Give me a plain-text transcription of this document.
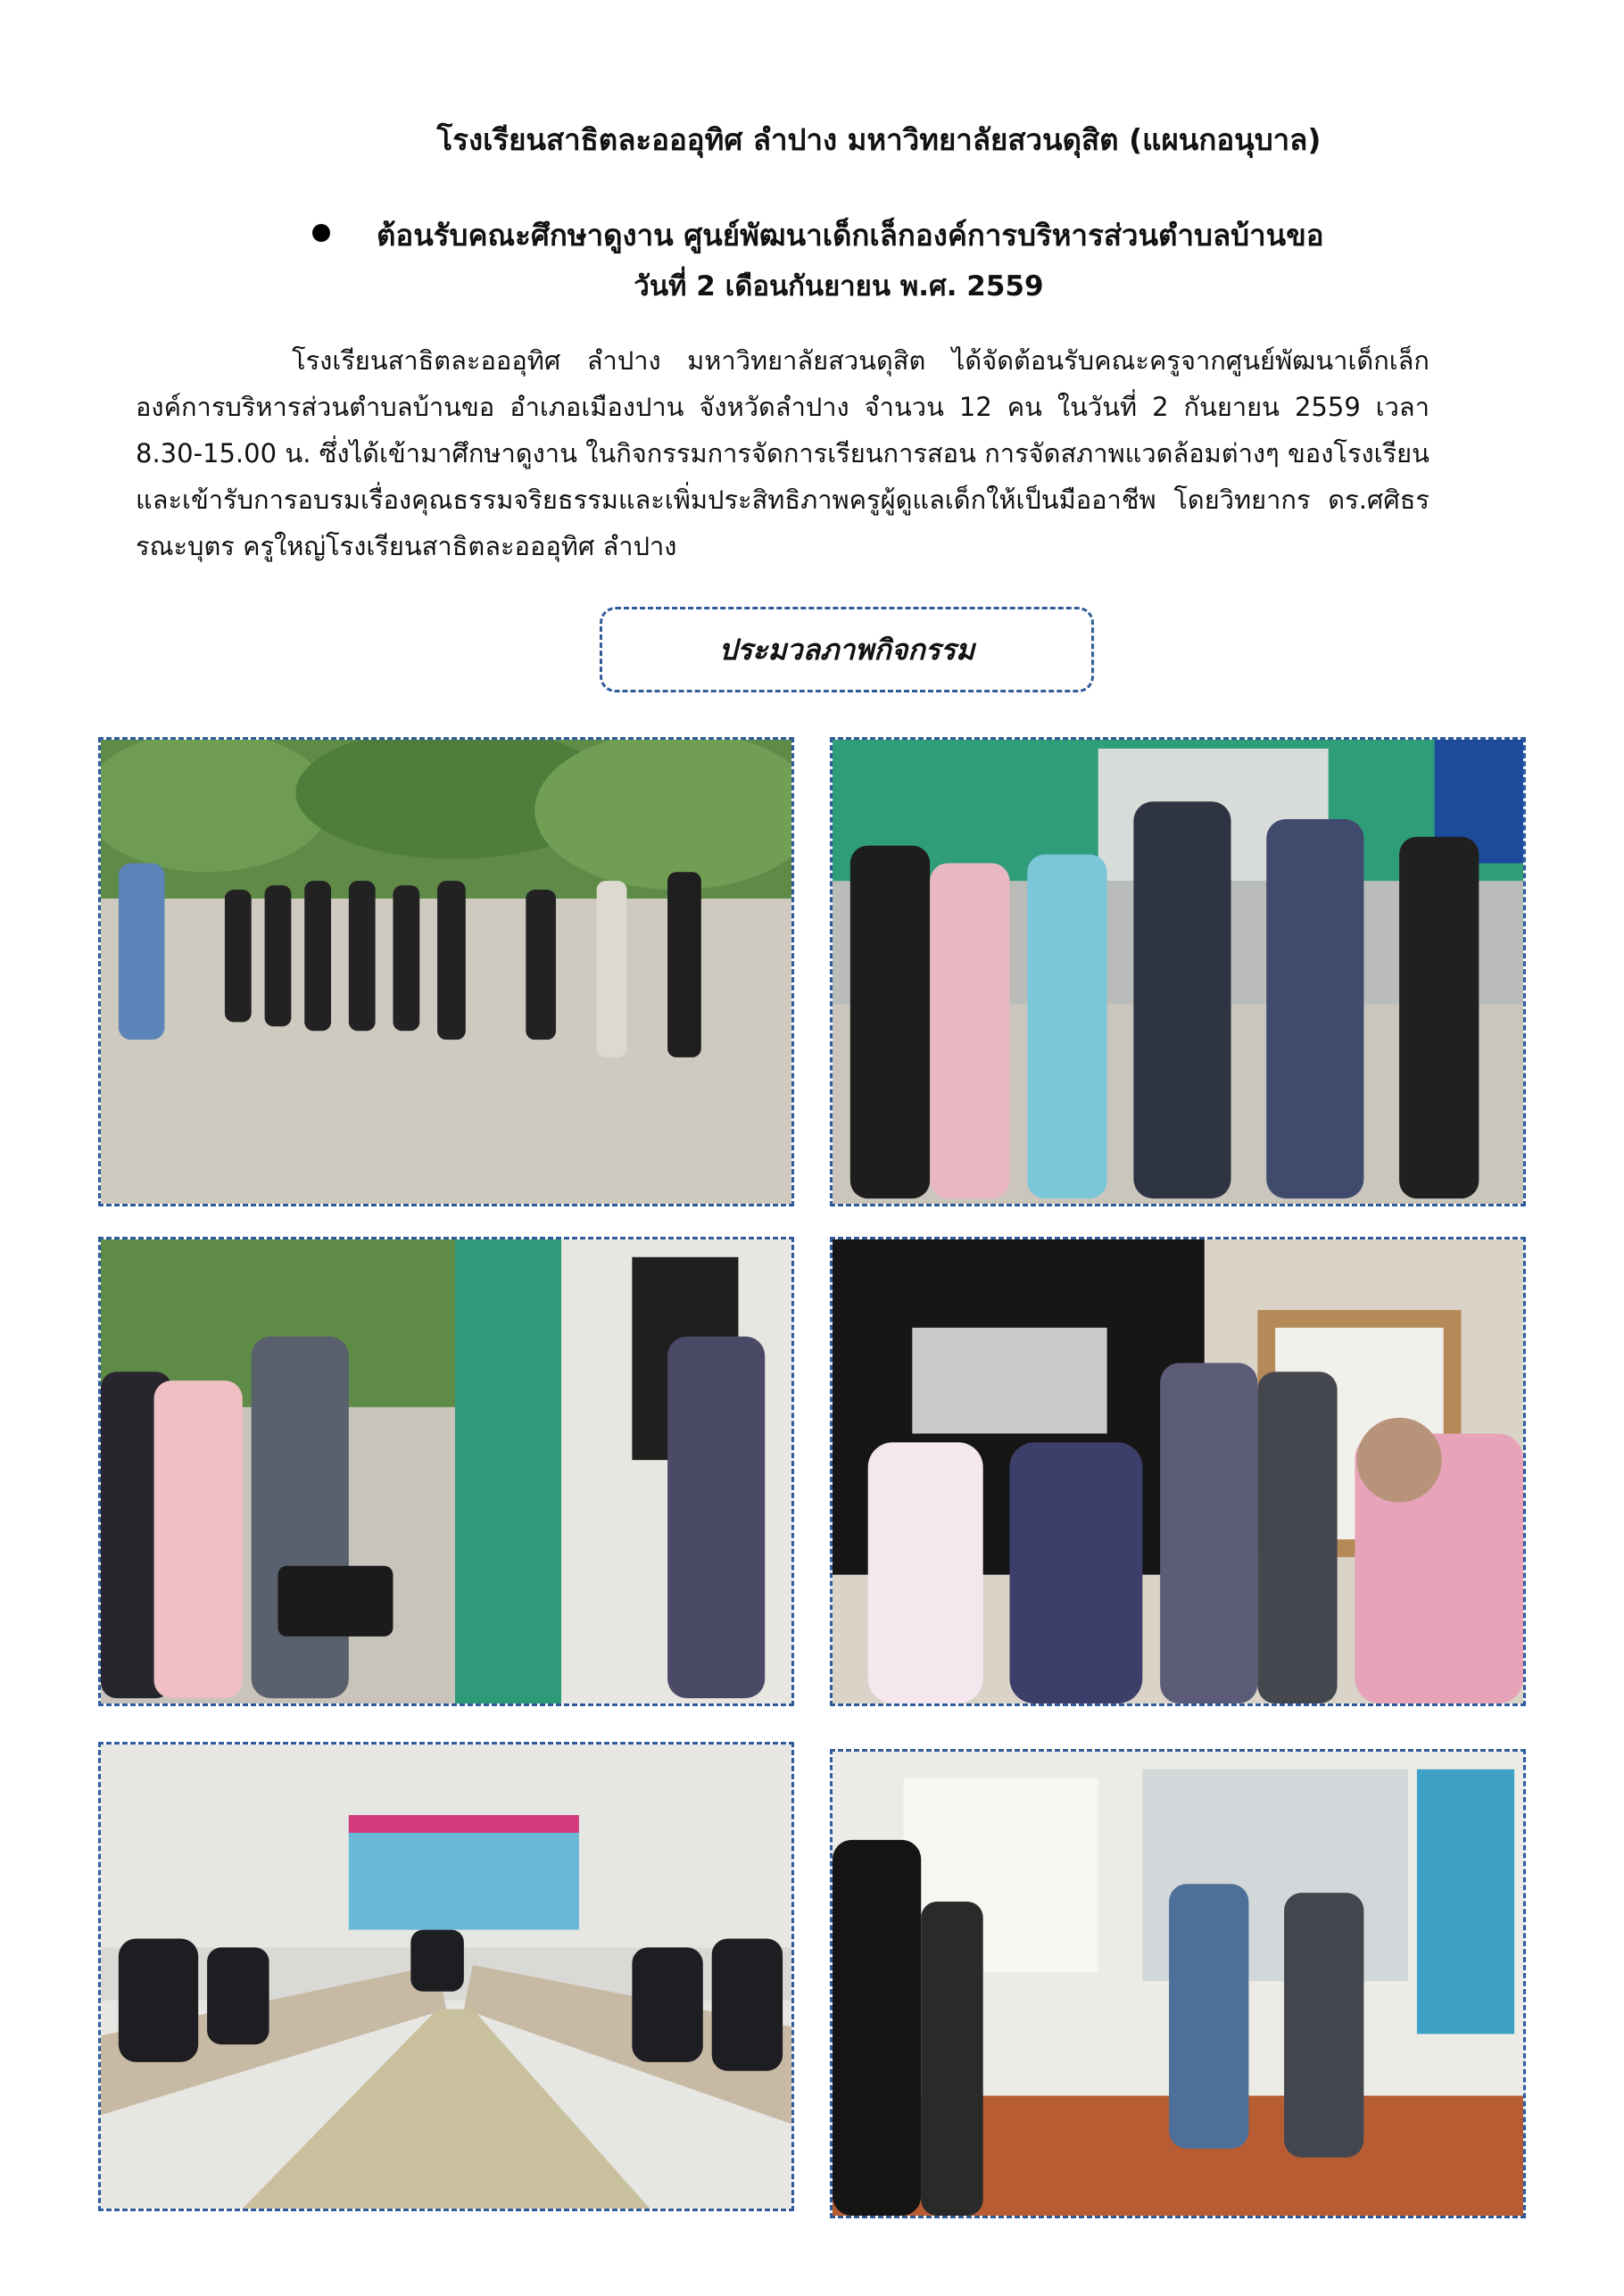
โรงเรียนสาธิตละอออุทิศ ลำปาง มหาวิทยาลัยสวนดุสิต (แผนกอนุบาล)
ต้อนรับคณะศึกษาดูงาน ศูนย์พัฒนาเด็กเล็กองค์การบริหารส่วนตำบลบ้านขอ
วันที่ 2 เดือนกันยายน พ.ศ. 2559
โรงเรียนสาธิตละอออุทิศ ลำปาง มหาวิทยาลัยสวนดุสิต ได้จัดต้อนรับคณะครูจากศูนย์พัฒนาเด็กเล็กองค์การบริหารส่วนตำบลบ้านขอ อำเภอเมืองปาน จังหวัดลำปาง จำนวน 12 คน ในวันที่ 2 กันยายน 2559 เวลา 8.30-15.00 น. ซึ่งได้เข้ามาศึกษาดูงาน ในกิจกรรมการจัดการเรียนการสอน การจัดสภาพแวดล้อมต่างๆ ของโรงเรียน และเข้ารับการอบรมเรื่องคุณธรรมจริยธรรมและเพิ่มประสิทธิภาพครูผู้ดูแลเด็กให้เป็นมืออาชีพ โดยวิทยากร ดร.ศศิธร รณะบุตร ครูใหญ่โรงเรียนสาธิตละอออุทิศ ลำปาง
ประมวลภาพกิจกรรม
